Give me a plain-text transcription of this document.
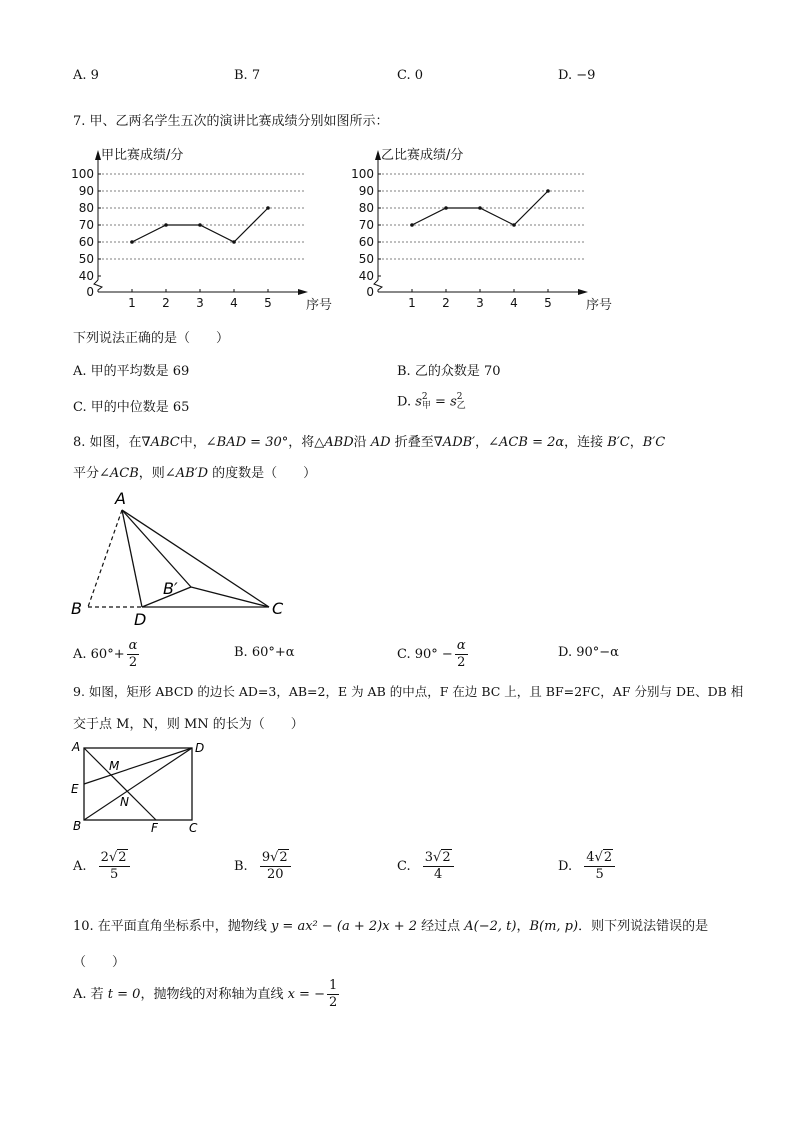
A. 9	B. 7	C. 0	D. −9
7. 甲、乙两名学生五次的演讲比赛成绩分别如图所示：
0
40
50
60
70
80
90
100
1 2 3 4 5	序号
甲比赛成绩/分
0
40
50
60
70
80
90
100
1 2 3 4 5	序号
乙比赛成绩/分
下列说法正确的是（　　）
A. 甲的平均数是 69	B. 乙的众数是 70
C. 甲的中位数是 65	D. s 2
甲 = s 2
乙
8. 如图，在∇ABC中，∠BAD = 30°，将△ABD沿 AD 折叠至∇ADB′，∠ACB = 2α，连接 B′C，B′C
平分∠ACB，则∠AB′D 的度数是（　　）
A
B
B′
C
D
A. $60^\circ+ \frac{\alpha}{2}$	B. 60°+α	C. $90^\circ - \frac{\alpha}{2}$	D. 90°−α
9. 如图，矩形 ABCD 的边长 AD=3，AB=2，E 为 AB 的中点，F 在边 BC 上，且 BF=2FC，AF 分别与 DE、DB 相
交于点 M，N，则 MN 的长为（　　）
A	D
E
M
N
B	F	C
A. $\frac{2√2}{5}$	B. $\frac{9√2}{20}$	C. $\frac{3√2}{4}$	D. $\frac{4√2}{5}$
10. 在平面直角坐标系中，抛物线 y = ax² − (a + 2)x + 2 经过点 A(−2, t)，B(m, p)．则下列说法错误的是
（　　）
A. 若 t = 0，抛物线的对称轴为直线 x = − $\frac{1}{2}$
